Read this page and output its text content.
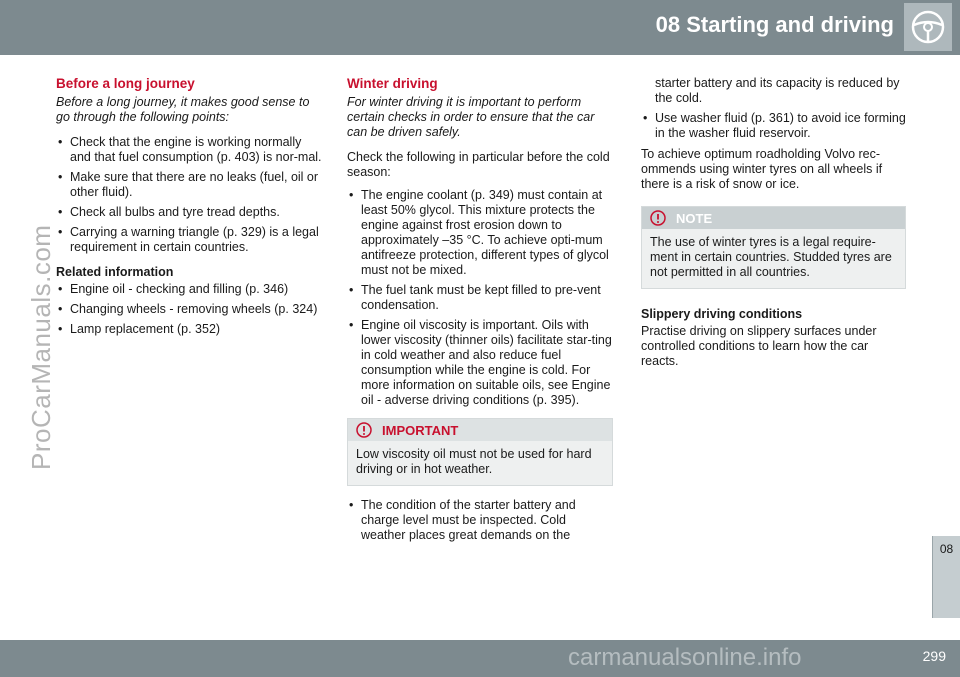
08 Starting and driving
08
299
ProCarManuals.com
carmanualsonline.info
Before a long journey

Before a long journey, it makes good sense to go through the following points:

• Check that the engine is working normally and that fuel consumption (p. 403) is nor-mal.
• Make sure that there are no leaks (fuel, oil or other fluid).
• Check all bulbs and tyre tread depths.
• Carrying a warning triangle (p. 329) is a legal requirement in certain countries.
Related information
• Engine oil - checking and filling (p. 346)
• Changing wheels - removing wheels (p. 324)
• Lamp replacement (p. 352)
Winter driving

For winter driving it is important to perform certain checks in order to ensure that the car can be driven safely.

Check the following in particular before the cold season:

• The engine coolant (p. 349) must contain at least 50% glycol. This mixture protects the engine against frost erosion down to approximately –35 °C. To achieve opti-mum antifreeze protection, different types of glycol must not be mixed.
• The fuel tank must be kept filled to pre-vent condensation.
• Engine oil viscosity is important. Oils with lower viscosity (thinner oils) facilitate star-ting in cold weather and also reduce fuel consumption while the engine is cold. For more information on suitable oils, see Engine oil - adverse driving conditions (p. 395).
IMPORTANT
Low viscosity oil must not be used for hard driving or in hot weather.
• The condition of the starter battery and charge level must be inspected. Cold weather places great demands on the
starter battery and its capacity is reduced by the cold.
• Use washer fluid (p. 361) to avoid ice forming in the washer fluid reservoir.

To achieve optimum roadholding Volvo rec-ommends using winter tyres on all wheels if there is a risk of snow or ice.

NOTE
The use of winter tyres is a legal require-ment in certain countries. Studded tyres are not permitted in all countries.
Slippery driving conditions

Practise driving on slippery surfaces under controlled conditions to learn how the car reacts.
